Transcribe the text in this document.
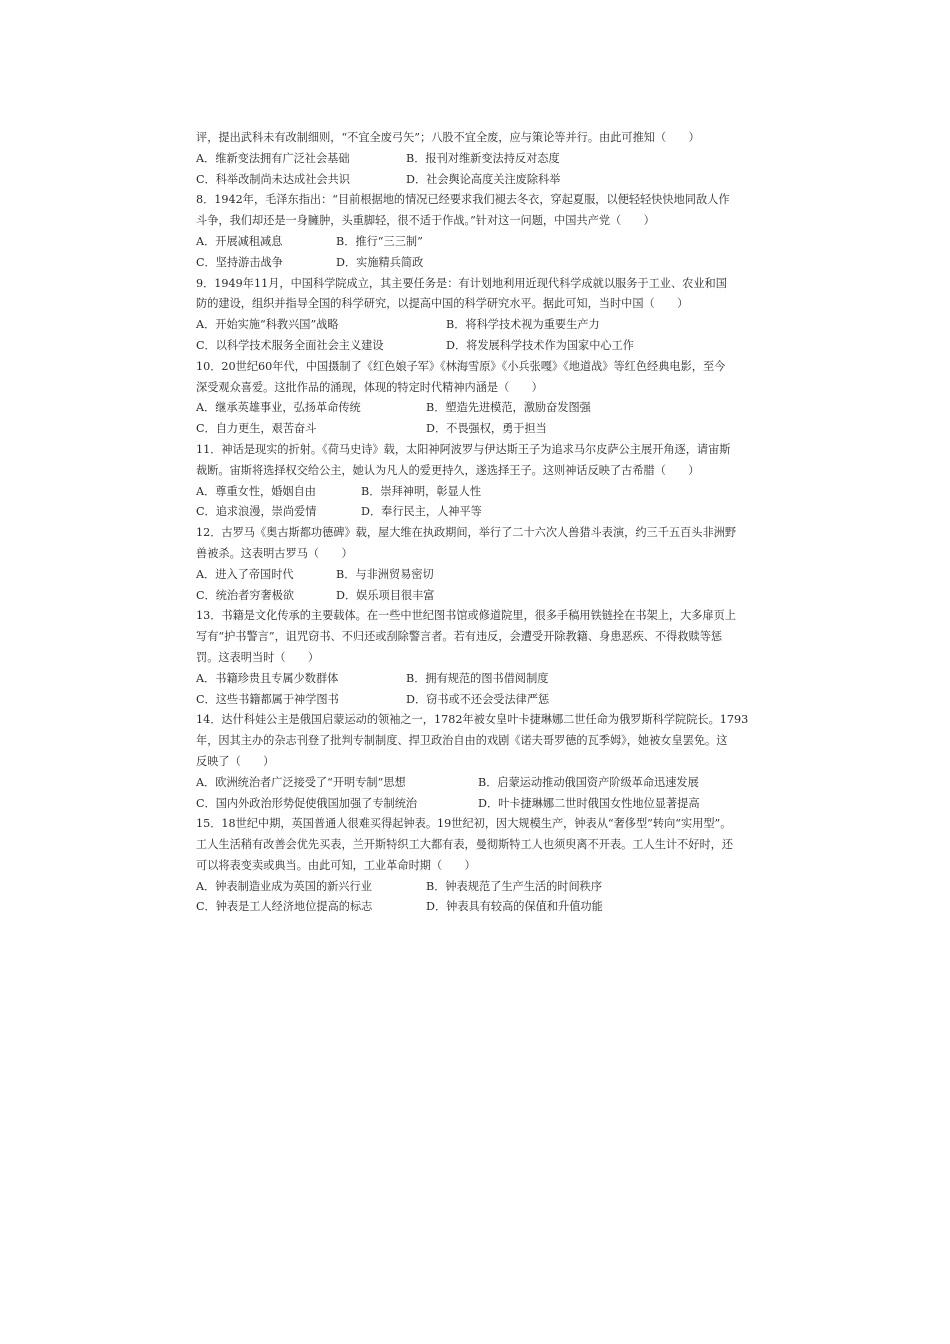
评，提出武科未有改制细则，“不宜全废弓矢”；八股不宜全废，应与策论等并行。由此可推知（　　）
A．维新变法拥有广泛社会基础	B．报刊对维新变法持反对态度
C．科举改制尚未达成社会共识	D．社会舆论高度关注废除科举
8．1942年，毛泽东指出：“目前根据地的情况已经要求我们褪去冬衣，穿起夏服，以便轻轻快快地同敌人作
斗争，我们却还是一身臃肿，头重脚轻，很不适于作战。”针对这一问题，中国共产党（　　）
A．开展减租减息	B．推行“三三制”
C．坚持游击战争	D．实施精兵简政
9．1949年11月，中国科学院成立，其主要任务是：有计划地利用近现代科学成就以服务于工业、农业和国
防的建设，组织并指导全国的科学研究，以提高中国的科学研究水平。据此可知，当时中国（　　）
A．开始实施“科教兴国”战略	B．将科学技术视为重要生产力
C．以科学技术服务全面社会主义建设	D．将发展科学技术作为国家中心工作
10．20世纪60年代，中国摄制了《红色娘子军》《林海雪原》《小兵张嘎》《地道战》等红色经典电影，至今
深受观众喜爱。这批作品的涌现，体现的特定时代精神内涵是（　　）
A．继承英雄事业，弘扬革命传统	B．塑造先进模范，激励奋发图强
C．自力更生，艰苦奋斗	D．不畏强权，勇于担当
11．神话是现实的折射。《荷马史诗》载，太阳神阿波罗与伊达斯王子为追求马尔皮萨公主展开角逐，请宙斯
裁断。宙斯将选择权交给公主，她认为凡人的爱更持久，遂选择王子。这则神话反映了古希腊（　　）
A．尊重女性，婚姻自由	B．崇拜神明，彰显人性
C．追求浪漫，崇尚爱情	D．奉行民主，人神平等
12．古罗马《奥古斯都功德碑》载，屋大维在执政期间，举行了二十六次人兽猎斗表演，约三千五百头非洲野
兽被杀。这表明古罗马（　　）
A．进入了帝国时代	B．与非洲贸易密切
C．统治者穷奢极欲	D．娱乐项目很丰富
13．书籍是文化传承的主要载体。在一些中世纪图书馆或修道院里，很多手稿用铁链拴在书架上，大多扉页上
写有“护书警言”，诅咒窃书、不归还或刮除警言者。若有违反，会遭受开除教籍、身患恶疾、不得救赎等惩
罚。这表明当时（　　）
A．书籍珍贵且专属少数群体	B．拥有规范的图书借阅制度
C．这些书籍都属于神学图书	D．窃书或不还会受法律严惩
14．达什科娃公主是俄国启蒙运动的领袖之一，1782年被女皇叶卡捷琳娜二世任命为俄罗斯科学院院长。1793
年，因其主办的杂志刊登了批判专制制度、捍卫政治自由的戏剧《诺夫哥罗德的瓦季姆》，她被女皇罢免。这
反映了（　　）
A．欧洲统治者广泛接受了“开明专制”思想	B．启蒙运动推动俄国资产阶级革命迅速发展
C．国内外政治形势促使俄国加强了专制统治	D．叶卡捷琳娜二世时俄国女性地位显著提高
15．18世纪中期，英国普通人很难买得起钟表。19世纪初，因大规模生产，钟表从“奢侈型”转向“实用型”。
工人生活稍有改善会优先买表，兰开斯特织工大都有表，曼彻斯特工人也须臾离不开表。工人生计不好时，还
可以将表变卖或典当。由此可知，工业革命时期（　　）
A．钟表制造业成为英国的新兴行业	B．钟表规范了生产生活的时间秩序
C．钟表是工人经济地位提高的标志	D．钟表具有较高的保值和升值功能
